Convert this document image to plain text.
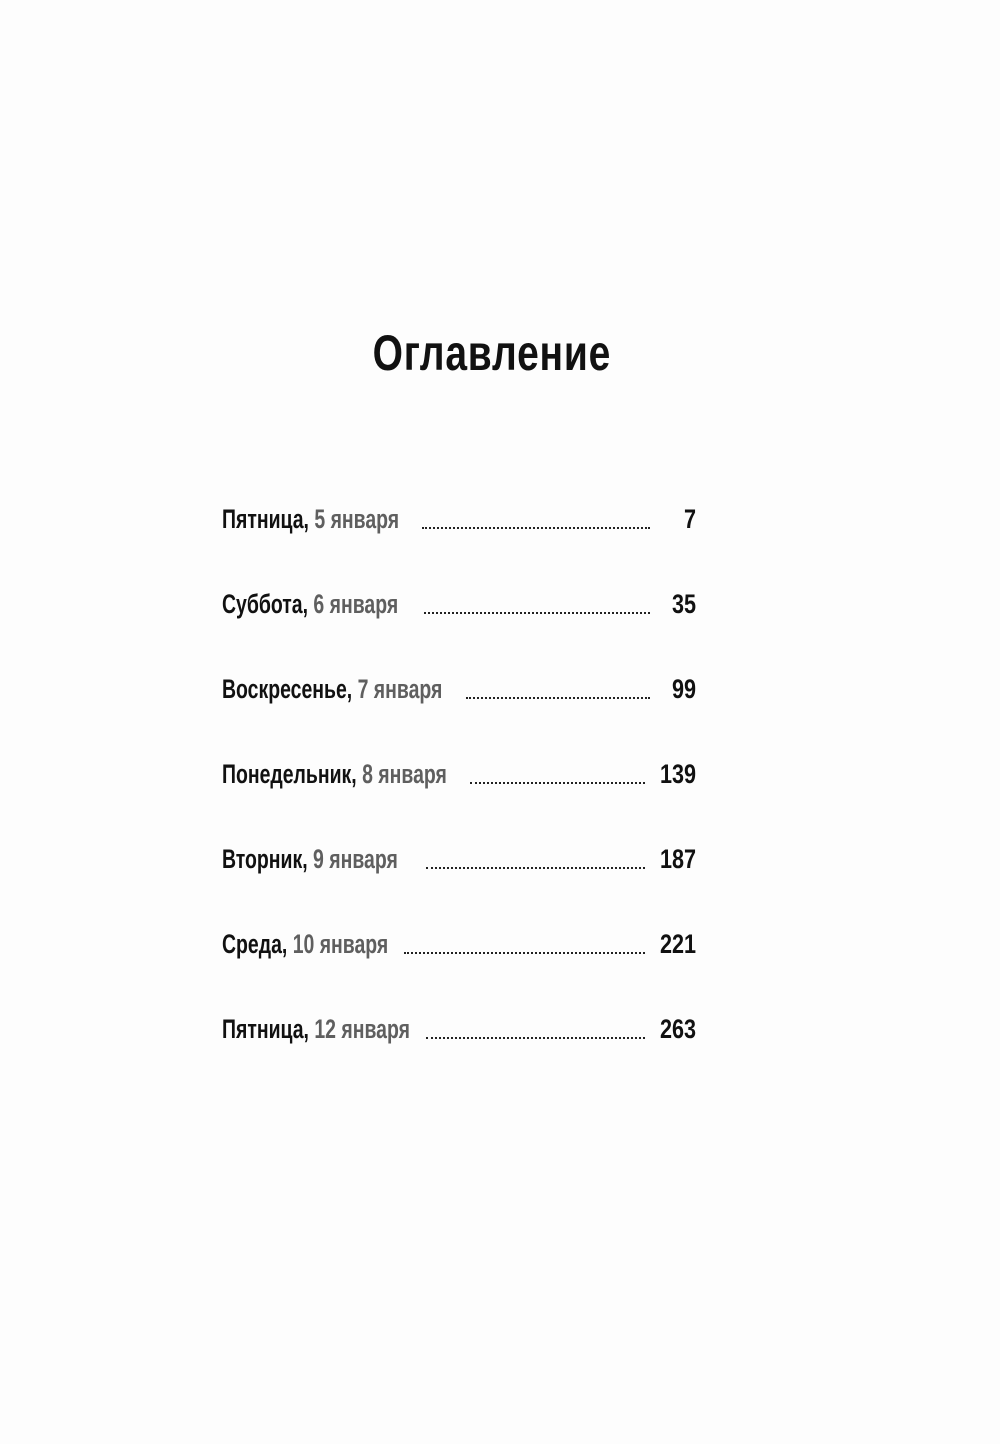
Оглавление
Пятница, 5 января	7
Суббота, 6 января	35
Воскресенье, 7 января	99
Понедельник, 8 января	139
Вторник, 9 января	187
Среда, 10 января	221
Пятница, 12 января	263
